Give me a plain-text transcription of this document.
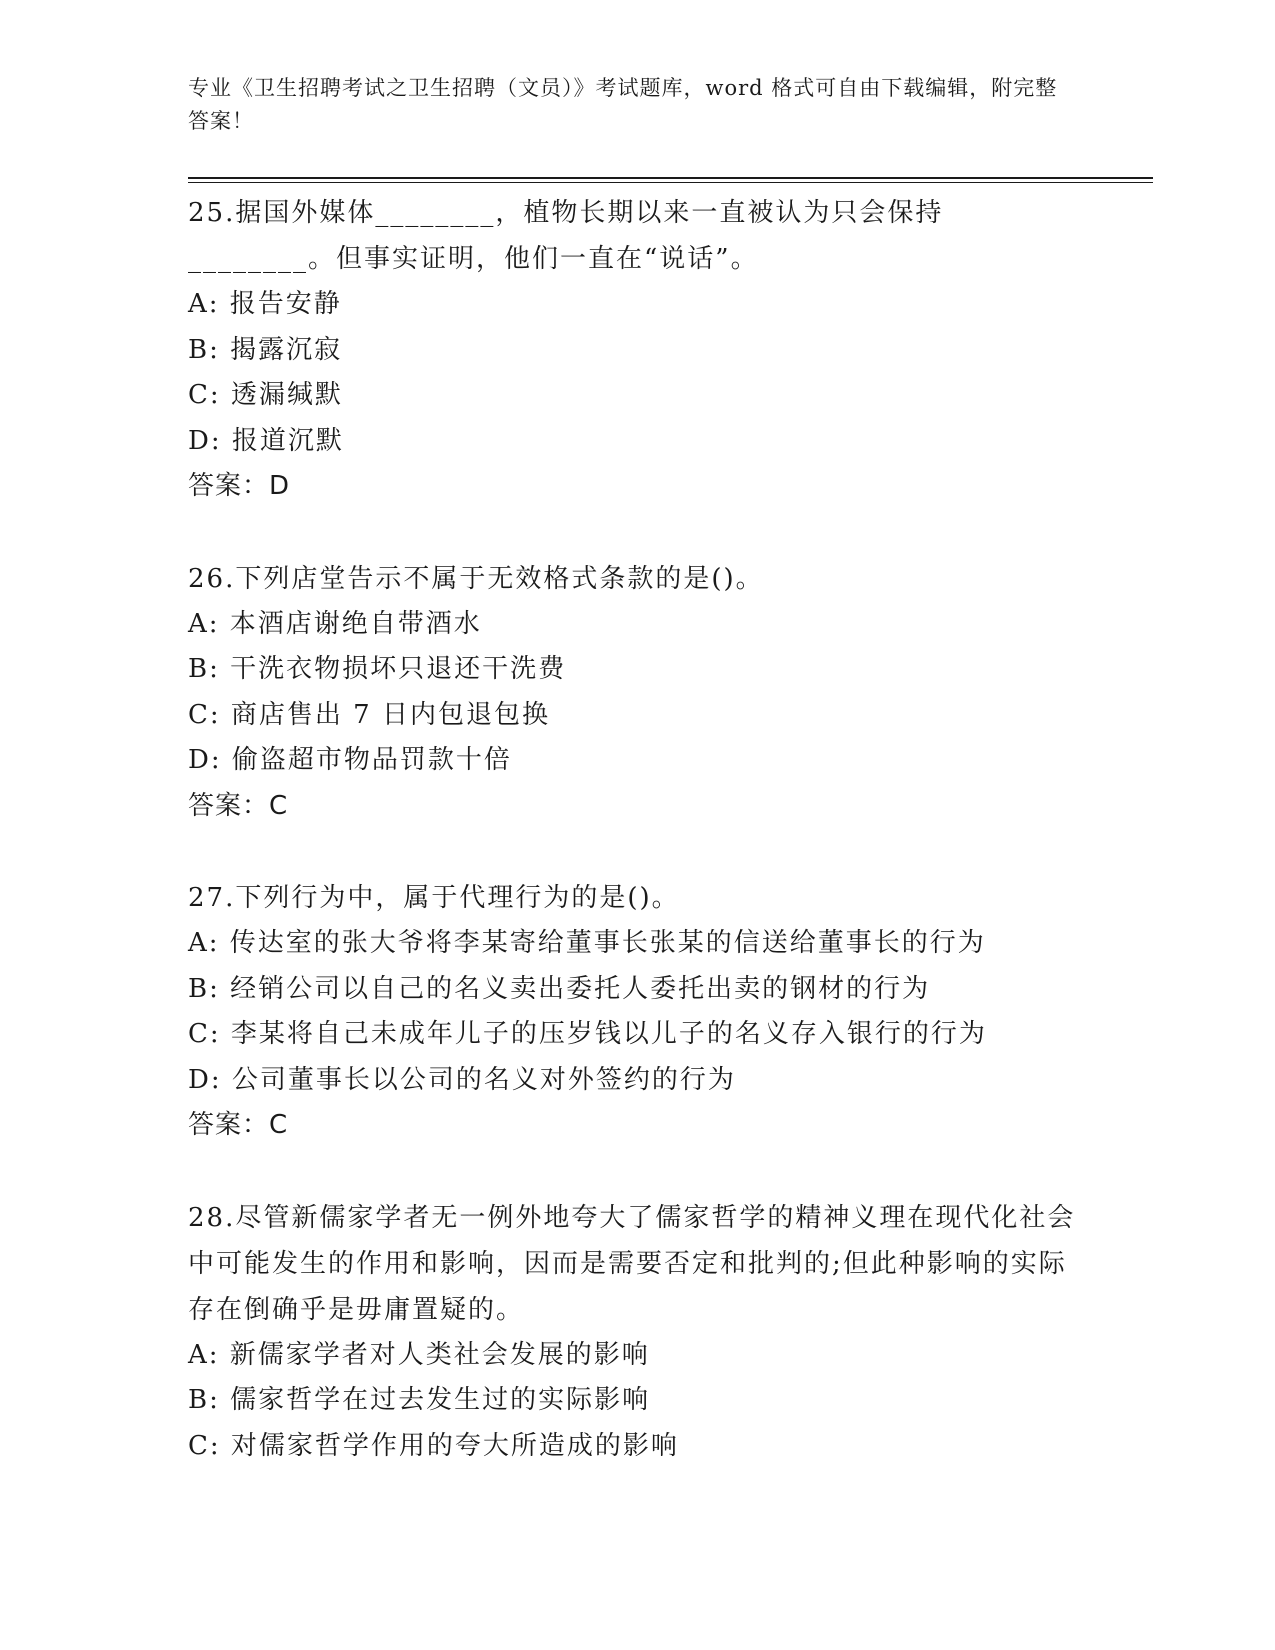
专业《卫生招聘考试之卫生招聘（文员）》考试题库，word 格式可自由下载编辑，附完整答案！
25.据国外媒体________，植物长期以来一直被认为只会保持________。但事实证明，他们一直在“说话”。
A: 报告安静
B: 揭露沉寂
C: 透漏缄默
D: 报道沉默
答案：D
26.下列店堂告示不属于无效格式条款的是()。
A: 本酒店谢绝自带酒水
B: 干洗衣物损坏只退还干洗费
C: 商店售出 7 日内包退包换
D: 偷盗超市物品罚款十倍
答案：C
27.下列行为中，属于代理行为的是()。
A: 传达室的张大爷将李某寄给董事长张某的信送给董事长的行为
B: 经销公司以自己的名义卖出委托人委托出卖的钢材的行为
C: 李某将自己未成年儿子的压岁钱以儿子的名义存入银行的行为
D: 公司董事长以公司的名义对外签约的行为
答案：C
28.尽管新儒家学者无一例外地夸大了儒家哲学的精神义理在现代化社会中可能发生的作用和影响，因而是需要否定和批判的;但此种影响的实际存在倒确乎是毋庸置疑的。
A: 新儒家学者对人类社会发展的影响
B: 儒家哲学在过去发生过的实际影响
C: 对儒家哲学作用的夸大所造成的影响
